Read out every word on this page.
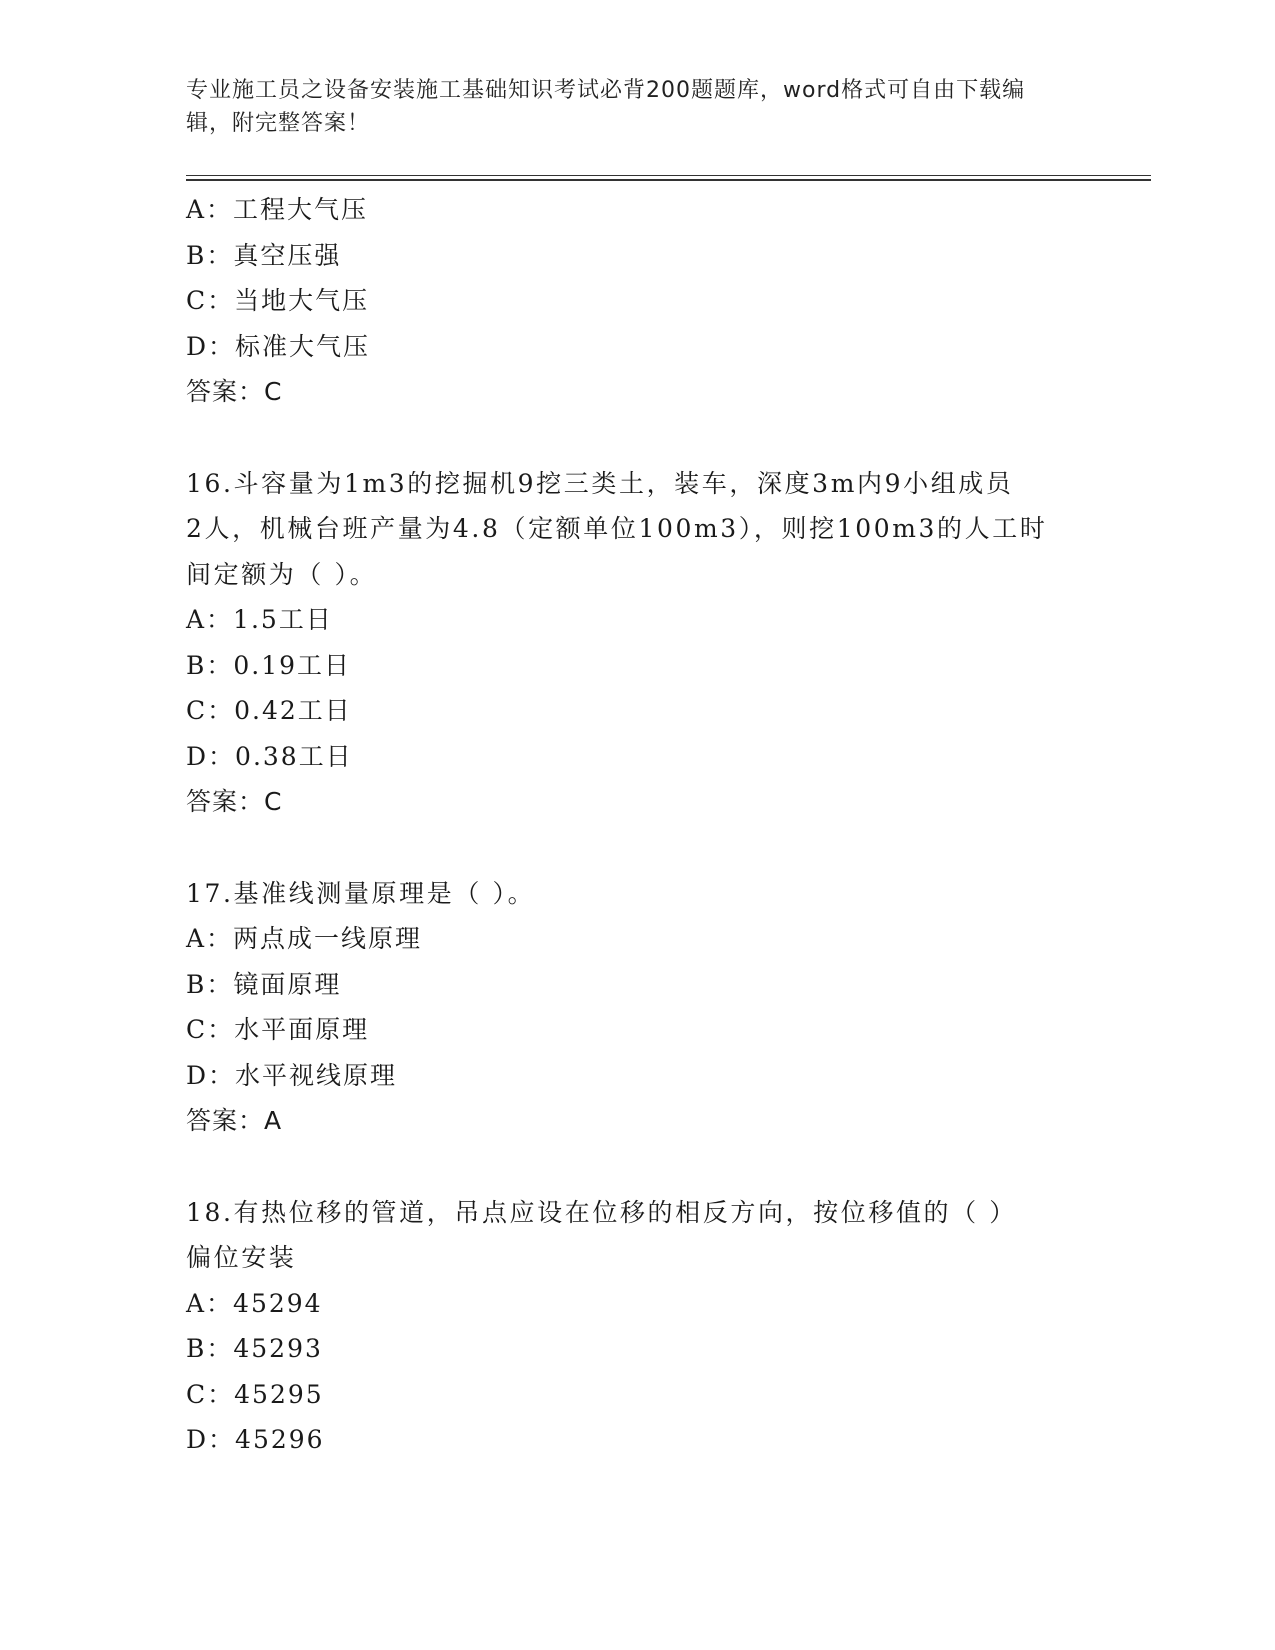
专业施工员之设备安装施工基础知识考试必背200题题库，word格式可自由下载编辑，附完整答案！
A：工程大气压
B：真空压强
C：当地大气压
D：标准大气压
答案：C
16.斗容量为1m3的挖掘机9挖三类土，装车，深度3m内9小组成员
2人，机械台班产量为4.8（定额单位100m3），则挖100m3的人工时
间定额为（ ）。
A：1.5工日
B：0.19工日
C：0.42工日
D：0.38工日
答案：C
17.基准线测量原理是（ ）。
A：两点成一线原理
B：镜面原理
C：水平面原理
D：水平视线原理
答案：A
18.有热位移的管道，吊点应设在位移的相反方向，按位移值的（ ）
偏位安装
A：45294
B：45293
C：45295
D：45296
